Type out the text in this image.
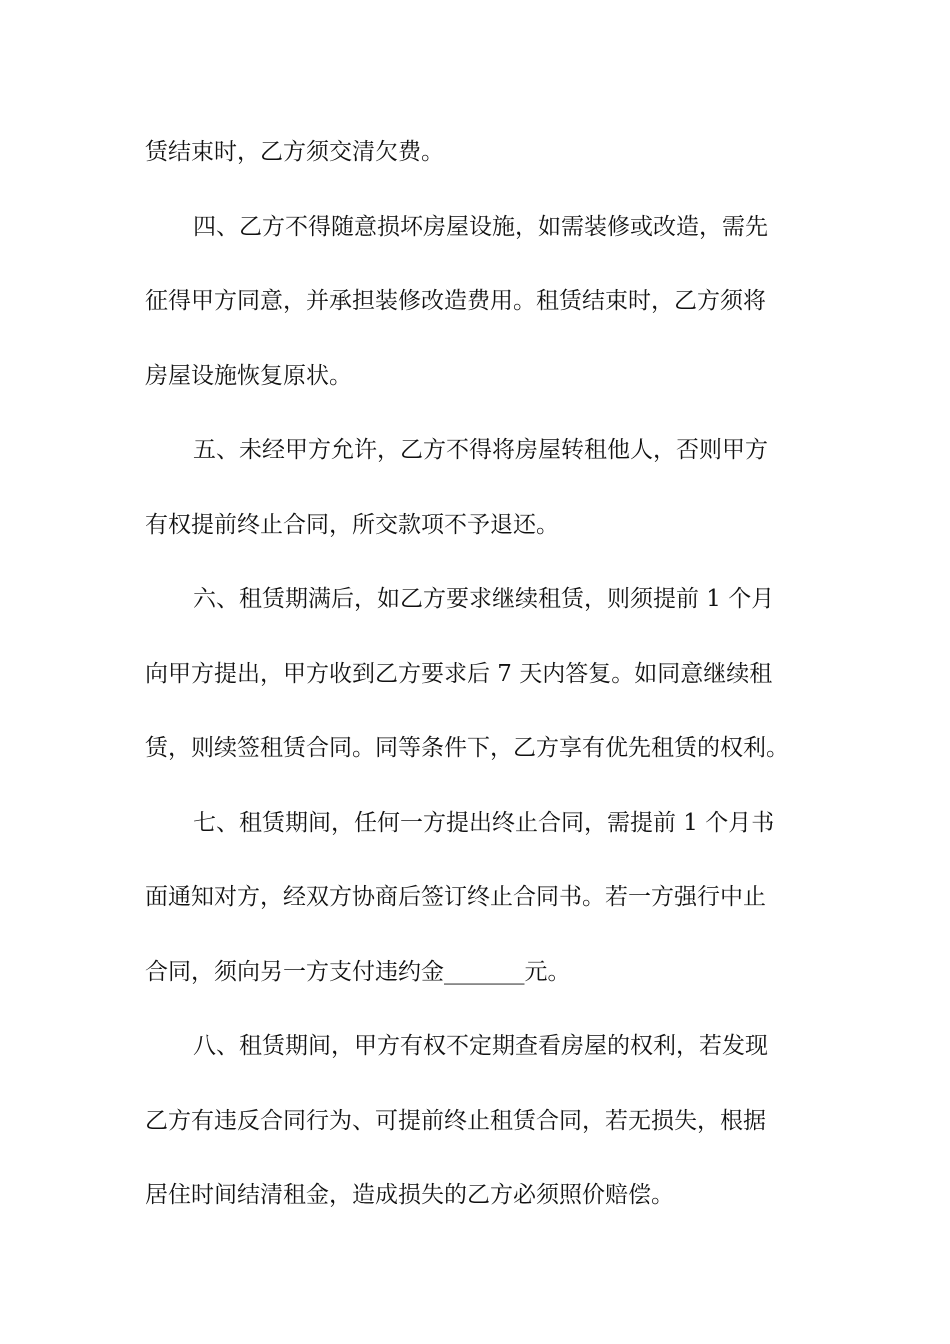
赁结束时，乙方须交清欠费。
四、乙方不得随意损坏房屋设施，如需装修或改造，需先
征得甲方同意，并承担装修改造费用。租赁结束时，乙方须将
房屋设施恢复原状。
五、未经甲方允许，乙方不得将房屋转租他人，否则甲方
有权提前终止合同，所交款项不予退还。
六、租赁期满后，如乙方要求继续租赁，则须提前 1 个月
向甲方提出，甲方收到乙方要求后 7 天内答复。如同意继续租
赁，则续签租赁合同。同等条件下，乙方享有优先租赁的权利。
七、租赁期间，任何一方提出终止合同，需提前 1 个月书
面通知对方，经双方协商后签订终止合同书。若一方强行中止
合同，须向另一方支付违约金_______元。
八、租赁期间，甲方有权不定期查看房屋的权利，若发现
乙方有违反合同行为、可提前终止租赁合同，若无损失，根据
居住时间结清租金，造成损失的乙方必须照价赔偿。
